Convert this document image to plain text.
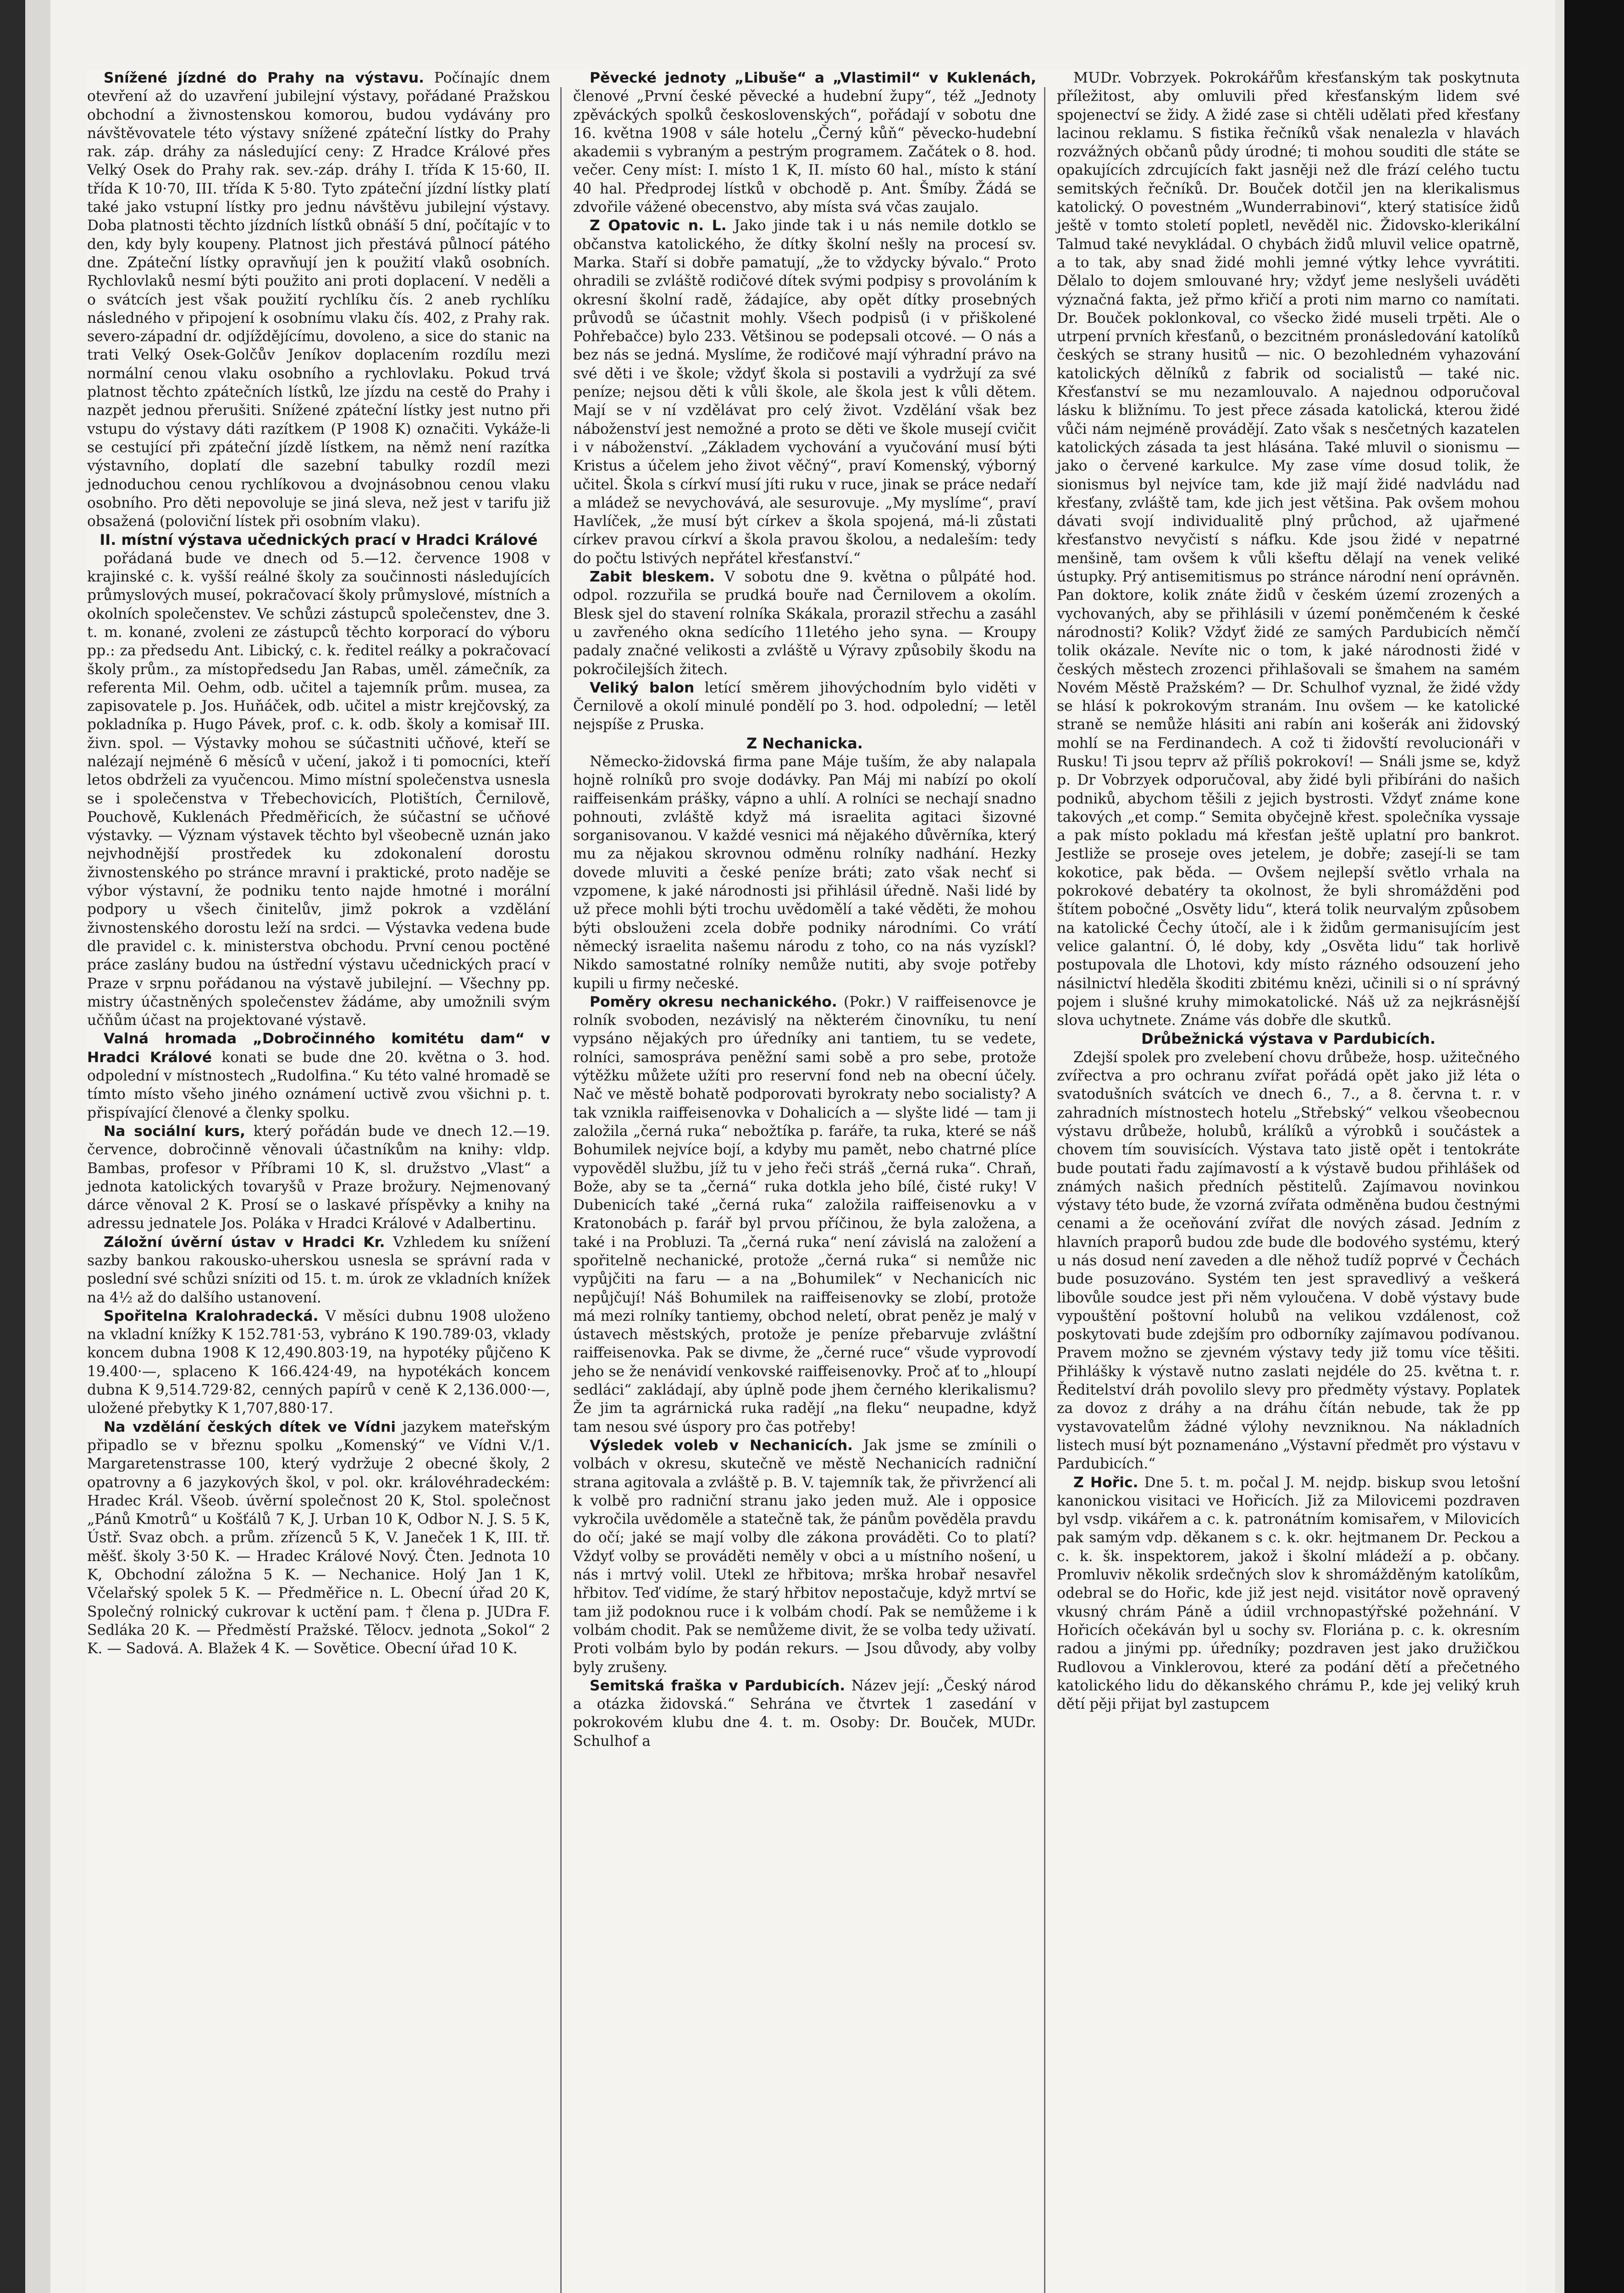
Snížené jízdné do Prahy na výstavu. Počínajíc dnem otevření až do uzavření jubilejní výstavy, pořádané Pražskou obchodní a živnostenskou komorou, budou vydávány pro návštěvovatele této výstavy snížené zpáteční lístky do Prahy rak. záp. dráhy za následující ceny: Z Hradce Králové přes Velký Osek do Prahy rak. sev.-záp. dráhy I. třída K 15·60, II. třída K 10·70, III. třída K 5·80. Tyto zpáteční jízdní lístky platí také jako vstupní lístky pro jednu návštěvu jubilejní výstavy. Doba platnosti těchto jízdních lístků obnáší 5 dní, počítajíc v to den, kdy byly koupeny. Platnost jich přestává půlnocí pátého dne. Zpáteční lístky opravňují jen k použití vlaků osobních. Rychlovlaků nesmí býti použito ani proti doplacení. V neděli a o svátcích jest však použití rychlíku čís. 2 aneb rychlíku následného v připojení k osobnímu vlaku čís. 402, z Prahy rak. severo-západní dr. odjíždějícímu, dovoleno, a sice do stanic na trati Velký Osek-Golčův Jeníkov doplacením rozdílu mezi normální cenou vlaku osobního a rychlovlaku. Pokud trvá platnost těchto zpátečních lístků, lze jízdu na cestě do Prahy i nazpět jednou přerušiti. Snížené zpáteční lístky jest nutno při vstupu do výstavy dáti razítkem (P 1908 K) označiti. Vykáže-li se cestující při zpáteční jízdě lístkem, na němž není razítka výstavního, doplatí dle sazební tabulky rozdíl mezi jednoduchou cenou rychlíkovou a dvojnásobnou cenou vlaku osobního. Pro děti nepovoluje se jiná sleva, než jest v tarifu již obsažená (poloviční lístek při osobním vlaku).

II. místní výstava učednických prací v Hradci Králové

pořádaná bude ve dnech od 5.—12. července 1908 v krajinské c. k. vyšší reálné školy za součinnosti následujících průmyslových museí, pokračovací školy průmyslové, místních a okolních společenstev. Ve schůzi zástupců společenstev, dne 3. t. m. konané, zvoleni ze zástupců těchto korporací do výboru pp.: za předsedu Ant. Libický, c. k. ředitel reálky a pokračovací školy prům., za místopředsedu Jan Rabas, uměl. zámečník, za referenta Mil. Oehm, odb. učitel a tajemník prům. musea, za zapisovatele p. Jos. Huňáček, odb. učitel a mistr krejčovský, za pokladníka p. Hugo Pávek, prof. c. k. odb. školy a komisař III. živn. spol. — Výstavky mohou se súčastniti učňové, kteří se nalézají nejméně 6 měsíců v učení, jakož i ti pomocníci, kteří letos obdrželi za vyučencou. Mimo místní společenstva usnesla se i společenstva v Třebechovicích, Plotištích, Černilově, Pouchově, Kuklenách Předměřicích, že súčastní se učňové výstavky. — Význam výstavek těchto byl všeobecně uznán jako nejvhodnější prostředek ku zdokonalení dorostu živnostenského po stránce mravní i praktické, proto naděje se výbor výstavní, že podniku tento najde hmotné i morální podpory u všech činitelův, jimž pokrok a vzdělání živnostenského dorostu leží na srdci. — Výstavka vedena bude dle pravidel c. k. ministerstva obchodu. První cenou poctěné práce zaslány budou na ústřední výstavu učednických prací v Praze v srpnu pořádanou na výstavě jubilejní. — Všechny pp. mistry účastněných společenstev žádáme, aby umožnili svým učňům účast na projektované výstavě.

Valná hromada „Dobročinného komitétu dam“ v Hradci Králové konati se bude dne 20. května o 3. hod. odpolední v místnostech „Rudolfina.“ Ku této valné hromadě se tímto místo všeho jiného oznámení uctivě zvou všichni p. t. přispívající členové a členky spolku.

Na sociální kurs, který pořádán bude ve dnech 12.—19. července, dobročinně věnovali účastníkům na knihy: vldp. Bambas, profesor v Příbrami 10 K, sl. družstvo „Vlast“ a jednota katolických tovaryšů v Praze brožury. Nejmenovaný dárce věnoval 2 K. Prosí se o laskavé příspěvky a knihy na adressu jednatele Jos. Poláka v Hradci Králové v Adalbertinu.

Záložní úvěrní ústav v Hradci Kr. Vzhledem ku snížení sazby bankou rakousko-uherskou usnesla se správní rada v poslední své schůzi sníziti od 15. t. m. úrok ze vkladních knížek na 4½ až do dalšího ustanovení.

Spořitelna Kralohradecká. V měsíci dubnu 1908 uloženo na vkladní knížky K 152.781·53, vybráno K 190.789·03, vklady koncem dubna 1908 K 12,490.803·19, na hypotéky půjčeno K 19.400·—, splaceno K 166.424·49, na hypotékách koncem dubna K 9,514.729·82, cenných papírů v ceně K 2,136.000·—, uložené přebytky K 1,707,880·17.

Na vzdělání českých dítek ve Vídni jazykem mateřským připadlo se v březnu spolku „Komenský“ ve Vídni V./1. Margaretenstrasse 100, který vydržuje 2 obecné školy, 2 opatrovny a 6 jazykových škol, v pol. okr. královéhradeckém: Hradec Král. Všeob. úvěrní společnost 20 K, Stol. společnost „Pánů Kmotrů“ u Košťálů 7 K, J. Urban 10 K, Odbor N. J. S. 5 K, Ústř. Svaz obch. a prům. zřízenců 5 K, V. Janeček 1 K, III. tř. měšť. školy 3·50 K. — Hradec Králové Nový. Čten. Jednota 10 K, Obchodní záložna 5 K. — Nechanice. Holý Jan 1 K, Včelařský spolek 5 K. — Předměřice n. L. Obecní úřad 20 K, Společný rolnický cukrovar k uctění pam. † člena p. JUDra F. Sedláka 20 K. — Předměstí Pražské. Tělocv. jednota „Sokol“ 2 K. — Sadová. A. Blažek 4 K. — Sovětice. Obecní úřad 10 K.

Pěvecké jednoty „Libuše“ a „Vlastimil“ v Kuklenách, členové „První české pěvecké a hudební župy“, též „Jednoty zpěváckých spolků československých“, pořádají v sobotu dne 16. května 1908 v sále hotelu „Černý kůň“ pěvecko-hudební akademii s vybraným a pestrým programem. Začátek o 8. hod. večer. Ceny míst: I. místo 1 K, II. místo 60 hal., místo k stání 40 hal. Předprodej lístků v obchodě p. Ant. Šmíby. Žádá se zdvořile vážené obecenstvo, aby místa svá včas zaujalo.

Z Opatovic n. L. Jako jinde tak i u nás nemile dotklo se občanstva katolického, že dítky školní nešly na procesí sv. Marka. Staří si dobře pamatují, „že to vždycky bývalo.“ Proto ohradili se zvláště rodičové dítek svými podpisy s provoláním k okresní školní radě, žádajíce, aby opět dítky prosebných průvodů se účastnit mohly. Všech podpisů (i v přiškolené Pohřebačce) bylo 233. Většinou se podepsali otcové. — O nás a bez nás se jedná. Myslíme, že rodičové mají výhradní právo na své děti i ve škole; vždyť škola si postavili a vydržují za své peníze; nejsou děti k vůli škole, ale škola jest k vůli dětem. Mají se v ní vzdělávat pro celý život. Vzdělání však bez náboženství jest nemožné a proto se děti ve škole musejí cvičit i v náboženství. „Základem vychování a vyučování musí býti Kristus a účelem jeho život věčný“, praví Komenský, výborný učitel. Škola s církví musí jíti ruku v ruce, jinak se práce nedaří a mládež se nevychovává, ale sesurovuje. „My myslíme“, praví Havlíček, „že musí být církev a škola spojená, má-li zůstati církev pravou církví a škola pravou školou, a nedaleším: tedy do počtu lstivých nepřátel křesťanství.“

Zabit bleskem. V sobotu dne 9. května o půlpáté hod. odpol. rozzuřila se prudká bouře nad Černilovem a okolím. Blesk sjel do stavení rolníka Skákala, prorazil střechu a zasáhl u zavřeného okna sedícího 11letého jeho syna. — Kroupy padaly značné velikosti a zvláště u Výravy způsobily škodu na pokročilejších žitech.

Veliký balon letící směrem jihovýchodním bylo viděti v Černilově a okolí minulé pondělí po 3. hod. odpolední; — letěl nejspíše z Pruska.

Z Nechanicka.

Německo-židovská firma pane Máje tuším, že aby nalapala hojně rolníků pro svoje dodávky. Pan Máj mi nabízí po okolí raiffeisenkám prášky, vápno a uhlí. A rolníci se nechají snadno pohnouti, zvláště když má israelita agitaci šizovné sorganisovanou. V každé vesnici má nějakého důvěrníka, který mu za nějakou skrovnou odměnu rolníky nadhání. Hezky dovede mluviti a české peníze bráti; zato však nechť si vzpomene, k jaké národnosti jsi přihlásil úředně. Naši lidé by už přece mohli býti trochu uvědomělí a také věděti, že mohou býti obslouženi zcela dobře podniky národními. Co vrátí německý israelita našemu národu z toho, co na nás vyzískl? Nikdo samostatné rolníky nemůže nutiti, aby svoje potřeby kupili u firmy nečeské.

Poměry okresu nechanického. (Pokr.) V raiffeisenovce je rolník svoboden, nezávislý na některém činovníku, tu není vypsáno nějakých pro úředníky ani tantiem, tu se vedete, rolníci, samospráva peněžní sami sobě a pro sebe, protože výtěžku můžete užíti pro reservní fond neb na obecní účely. Nač ve městě bohatě podporovati byrokraty nebo socialisty? A tak vznikla raiffeisenovka v Dohalicích a — slyšte lidé — tam ji založila „černá ruka“ nebožtíka p. faráře, ta ruka, které se náš Bohumilek nejvíce bojí, a kdyby mu pamět, nebo chatrné plíce vypověděl službu, jíž tu v jeho řeči stráš „černá ruka“. Chraň, Bože, aby se ta „černá“ ruka dotkla jeho bílé, čisté ruky! V Dubenicích také „černá ruka“ založila raiffeisenovku a v Kratonobách p. farář byl prvou příčinou, že byla založena, a také i na Probluzi. Ta „černá ruka“ není závislá na založení a spořitelně nechanické, protože „černá ruka“ si nemůže nic vypůjčiti na faru — a na „Bohumilek“ v Nechanicích nic nepůjčují! Náš Bohumilek na raiffeisenovky se zlobí, protože má mezi rolníky tantiemy, obchod neletí, obrat peněz je malý v ústavech městských, protože je peníze přebarvuje zvláštní raiffeisenovka. Pak se divme, že „černé ruce“ všude vyprovodí jeho se že nenávidí venkovské raiffeisenovky. Proč ať to „hloupí sedláci“ zakládají, aby úplně pode jhem černého klerikalismu? Že jim ta agrárnická ruka radějí „na fleku“ neupadne, když tam nesou své úspory pro čas potřeby!

Výsledek voleb v Nechanicích. Jak jsme se zmínili o volbách v okresu, skutečně ve městě Nechanicích radniční strana agitovala a zvláště p. B. V. tajemník tak, že přivržencí ali k volbě pro radniční stranu jako jeden muž. Ale i opposice vykročila uvědoměle a statečně tak, že pánům pověděla pravdu do očí; jaké se mají volby dle zákona prováděti. Co to platí? Vždyť volby se prováděti neměly v obci a u místního nošení, u nás i mrtvý volil. Utekl ze hřbitova; mrška hrobař nesavřel hřbitov. Teď vidíme, že starý hřbitov nepostačuje, když mrtví se tam již podoknou ruce i k volbám chodí. Pak se nemůžeme i k volbám chodit. Pak se nemůžeme divit, že se volba tedy uživatí. Proti volbám bylo by podán rekurs. — Jsou důvody, aby volby byly zrušeny.

Semitská fraška v Pardubicích. Název její: „Český národ a otázka židovská.“ Sehrána ve čtvrtek 1 zasedání v pokrokovém klubu dne 4. t. m. Osoby: Dr. Bouček, MUDr. Schulhof a

MUDr. Vobrzyek. Pokrokářům křesťanským tak poskytnuta příležitost, aby omluvili před křesťanským lidem své spojenectví se židy. A židé zase si chtěli udělati před křesťany lacinou reklamu. S fistika řečníků však nenalezla v hlavách rozvážných občanů půdy úrodné; ti mohou souditi dle státe se opakujících zdrcujících fakt jasněji než dle frází celého tuctu semitských řečníků. Dr. Bouček dotčil jen na klerikalismus katolický. O povestném „Wunderrabinovi“, který statisíce židů ještě v tomto století popletl, nevěděl nic. Židovsko-klerikální Talmud také nevykládal. O chybách židů mluvil velice opatrně, a to tak, aby snad židé mohli jemné výtky lehce vyvrátiti. Dělalo to dojem smlouvané hry; vždyť jeme neslyšeli uváděti význačná fakta, jež přmo křičí a proti nim marno co namítati. Dr. Bouček poklonkoval, co všecko židé museli trpěti. Ale o utrpení prvních křesťanů, o bezcitném pronásledování katolíků českých se strany husitů — nic. O bezohledném vyhazování katolických dělníků z fabrik od socialistů — také nic. Křesťanství se mu nezamlouvalo. A najednou odporučoval lásku k bližnímu. To jest přece zásada katolická, kterou židé vůči nám nejméně provádějí. Zato však s nesčetných kazatelen katolických zásada ta jest hlásána. Také mluvil o sionismu — jako o červené karkulce. My zase víme dosud tolik, že sionismus byl nejvíce tam, kde již mají židé nadvládu nad křesťany, zvláště tam, kde jich jest většina. Pak ovšem mohou dávati svojí individualitě plný průchod, až ujařmené křesťanstvo nevyčistí s náfku. Kde jsou židé v nepatrné menšině, tam ovšem k vůli kšeftu dělají na venek veliké ústupky. Prý antisemitismus po stránce národní není oprávněn. Pan doktore, kolik znáte židů v českém území zrozených a vychovaných, aby se přihlásili v území poněmčeném k české národnosti? Kolik? Vždyť židé ze samých Pardubicích němčí tolik okázale. Nevíte nic o tom, k jaké národnosti židé v českých městech zrozenci přihlašovali se šmahem na samém Novém Městě Pražském? — Dr. Schulhof vyznal, že židé vždy se hlásí k pokrokovým stranám. Inu ovšem — ke katolické straně se nemůže hlásiti ani rabín ani košerák ani židovský mohlí se na Ferdinandech. A což ti židovští revolucionáři v Rusku! Ti jsou teprv až příliš pokrokoví! — Snáli jsme se, když p. Dr Vobrzyek odporučoval, aby židé byli přibíráni do našich podniků, abychom těšili z jejich bystrosti. Vždyť známe kone takových „et comp.“ Semita obyčejně křest. společníka vyssaje a pak místo pokladu má křesťan ještě uplatní pro bankrot. Jestliže se proseje oves jetelem, je dobře; zasejí-li se tam kokotice, pak běda. — Ovšem nejlepší světlo vrhala na pokrokové debatéry ta okolnost, že byli shromážděni pod štítem pobočné „Osvěty lidu“, která tolik neurvalým způsobem na katolické Čechy útočí, ale i k židům germanisujícím jest velice galantní. Ó, lé doby, kdy „Osvěta lidu“ tak horlivě postupovala dle Lhotovi, kdy místo rázného odsouzení jeho násilnictví hleděla škoditi zbitému knězi, učinili si o ní správný pojem i slušné kruhy mimokatolické. Náš už za nejkrásnější slova uchytnete. Známe vás dobře dle skutků.

Drůbežnická výstava v Pardubicích.

Zdejší spolek pro zvelebení chovu drůbeže, hosp. užitečného zvířectva a pro ochranu zvířat pořádá opět jako již léta o svatodušních svátcích ve dnech 6., 7., a 8. června t. r. v zahradních místnostech hotelu „Střebský“ velkou všeobecnou výstavu drůbeže, holubů, králíků a výrobků i součástek a chovem tím souvisících. Výstava tato jistě opět i tentokráte bude poutati řadu zajímavostí a k výstavě budou přihlášek od známých našich předních pěstitelů. Zajímavou novinkou výstavy této bude, že vzorná zvířata odměněna budou čestnými cenami a že oceňování zvířat dle nových zásad. Jedním z hlavních praporů budou zde bude dle bodového systému, který u nás dosud není zaveden a dle něhož tudíž poprvé v Čechách bude posuzováno. Systém ten jest spravedlivý a veškerá libovůle soudce jest při něm vyloučena. V době výstavy bude vypouštění poštovní holubů na velikou vzdálenost, což poskytovati bude zdejším pro odborníky zajímavou podívanou. Pravem možno se zjevném výstavy tedy již tomu více těšiti. Přihlášky k výstavě nutno zaslati nejdéle do 25. května t. r. Ředitelství dráh povolilo slevy pro předměty výstavy. Poplatek za dovoz z dráhy a na dráhu čítán nebude, tak že pp vystavovatelům žádné výlohy nevzniknou. Na nákladních listech musí být poznamenáno „Výstavní předmět pro výstavu v Pardubicích.“

Z Hořic. Dne 5. t. m. počal J. M. nejdp. biskup svou letošní kanonickou visitaci ve Hořicích. Již za Milovicemi pozdraven byl vsdp. vikářem a c. k. patronátním komisařem, v Milovicích pak samým vdp. děkanem s c. k. okr. hejtmanem Dr. Peckou a c. k. šk. inspektorem, jakož i školní mládeží a p. občany. Promluviv několik srdečných slov k shromážděným katolíkům, odebral se do Hořic, kde již jest nejd. visitátor nově opravený vkusný chrám Páně a údiil vrchnopastýřské požehnání. V Hořicích očekáván byl u sochy sv. Floriána p. c. k. okresním radou a jinými pp. úředníky; pozdraven jest jako družičkou Rudlovou a Vinklerovou, které za podání dětí a přečetného katolického lidu do děkanského chrámu P., kde jej veliký kruh dětí pěji přijat byl zastupcem
